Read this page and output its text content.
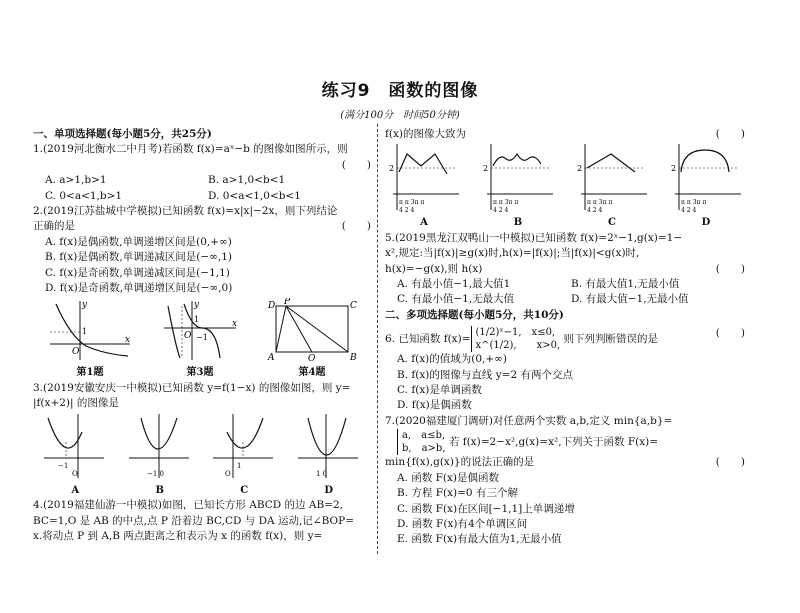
练习9　函数的图像
(满分100分　时间50分钟)
一、单项选择题(每小题5分，共25分)
1.(2019河北衡水二中月考)若函数 f(x)=aˣ−b 的图像如图所示，则
(　　)

A. a>1,b>1	B. a>1,0<b<1
C. 0<a<1,b>1	D. 0<a<1,0<b<1
2.(2019江苏盐城中学模拟)已知函数 f(x)=x|x|−2x，则下列结论
正确的是	(　　)
A. f(x)是偶函数,单调递增区间是(0,+∞)
B. f(x)是偶函数,单调递减区间是(−∞,1)
C. f(x)是奇函数,单调递减区间是(−1,1)
D. f(x)是奇函数,单调递增区间是(−∞,0)
x
y
O
1
第1题
x
y
O −1
1
第3题
D P	C
A	O	B
第4题
3.(2019安徽安庆一中模拟)已知函数 y=f(1−x) 的图像如图，则 y=
|f(x+2)| 的图像是
−1
O
A
−1 0
B
1
O
C
1 0
D
4.(2019福建仙游一中模拟)如图，已知长方形 ABCD 的边 AB=2,
BC=1,O 是 AB 的中点,点 P 沿着边 BC,CD 与 DA 运动,记∠BOP=
x.将动点 P 到 A,B 两点距离之和表示为 x 的函数 f(x)，则 y=
f(x)的图像大致为	(　　)
2
π π 3π π
4 2 4
A
2
π π 3π π
4 2 4
B
2
π π 3π π
4 2 4
C
2
π π 3π π
4 2 4
D
5.(2019黑龙江双鸭山一中模拟)已知函数 f(x)=2ˣ−1,g(x)=1−
x²,规定:当|f(x)|≥g(x)时,h(x)=|f(x)|;当|f(x)|<g(x)时,
h(x)=−g(x),则 h(x)	(　　)
A. 有最小值−1,最大值1	B. 有最大值1,无最小值
C. 有最小值−1,无最大值	D. 有最大值−1,无最小值
二、多项选择题(每小题5分，共10分)
6. 已知函数 f(x)=(1/2)ˣ−1,　x≤0,
x^(1/2),　　x>0, 则下列判断错误的是	(　　)
A. f(x)的值域为(0,+∞)
B. f(x)的图像与直线 y=2 有两个交点
C. f(x)是单调函数
D. f(x)是偶函数
7.(2020福建厦门调研)对任意两个实数 a,b,定义 min{a,b}=
a,　a≤b,
b,　a>b, 若 f(x)=2−x²,g(x)=x²,下列关于函数 F(x)=
min{f(x),g(x)}的说法正确的是	(　　)
A. 函数 F(x)是偶函数
B. 方程 F(x)=0 有三个解
C. 函数 F(x)在区间[−1,1]上单调递增
D. 函数 F(x)有4个单调区间
E. 函数 F(x)有最大值为1,无最小值
